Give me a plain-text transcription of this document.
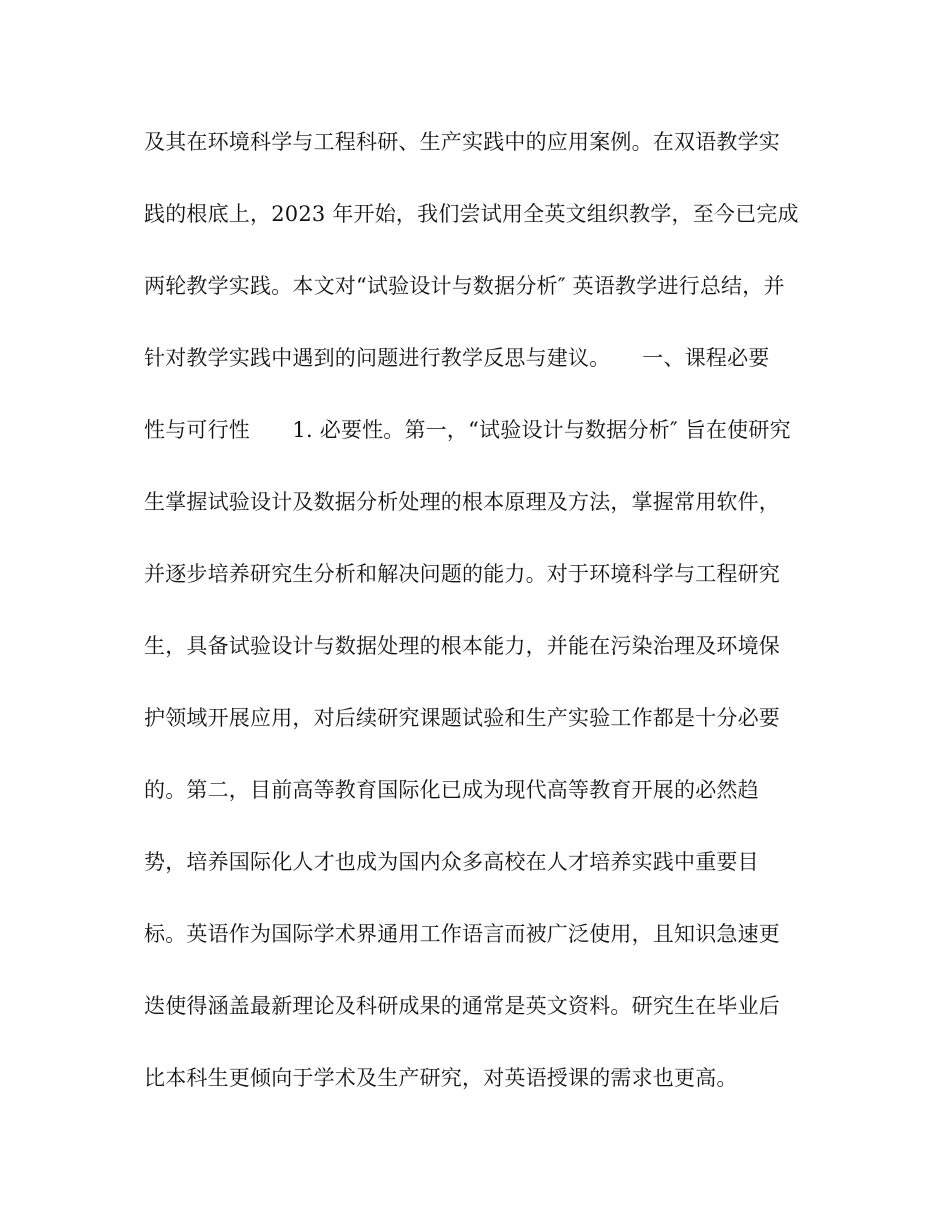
及其在环境科学与工程科研、生产实践中的应用案例。在双语教学实
践的根底上，2023 年开始，我们尝试用全英文组织教学，至今已完成
两轮教学实践。本文对“试验设计与数据分析″ 英语教学进行总结，并
针对教学实践中遇到的问题进行教学反思与建议。　　一、课程必要
性与可行性　　1. 必要性。第一，“试验设计与数据分析″ 旨在使研究
生掌握试验设计及数据分析处理的根本原理及方法，掌握常用软件，
并逐步培养研究生分析和解决问题的能力。对于环境科学与工程研究
生，具备试验设计与数据处理的根本能力，并能在污染治理及环境保
护领域开展应用，对后续研究课题试验和生产实验工作都是十分必要
的。第二，目前高等教育国际化已成为现代高等教育开展的必然趋
势，培养国际化人才也成为国内众多高校在人才培养实践中重要目
标。英语作为国际学术界通用工作语言而被广泛使用，且知识急速更
迭使得涵盖最新理论及科研成果的通常是英文资料。研究生在毕业后
比本科生更倾向于学术及生产研究，对英语授课的需求也更高。
